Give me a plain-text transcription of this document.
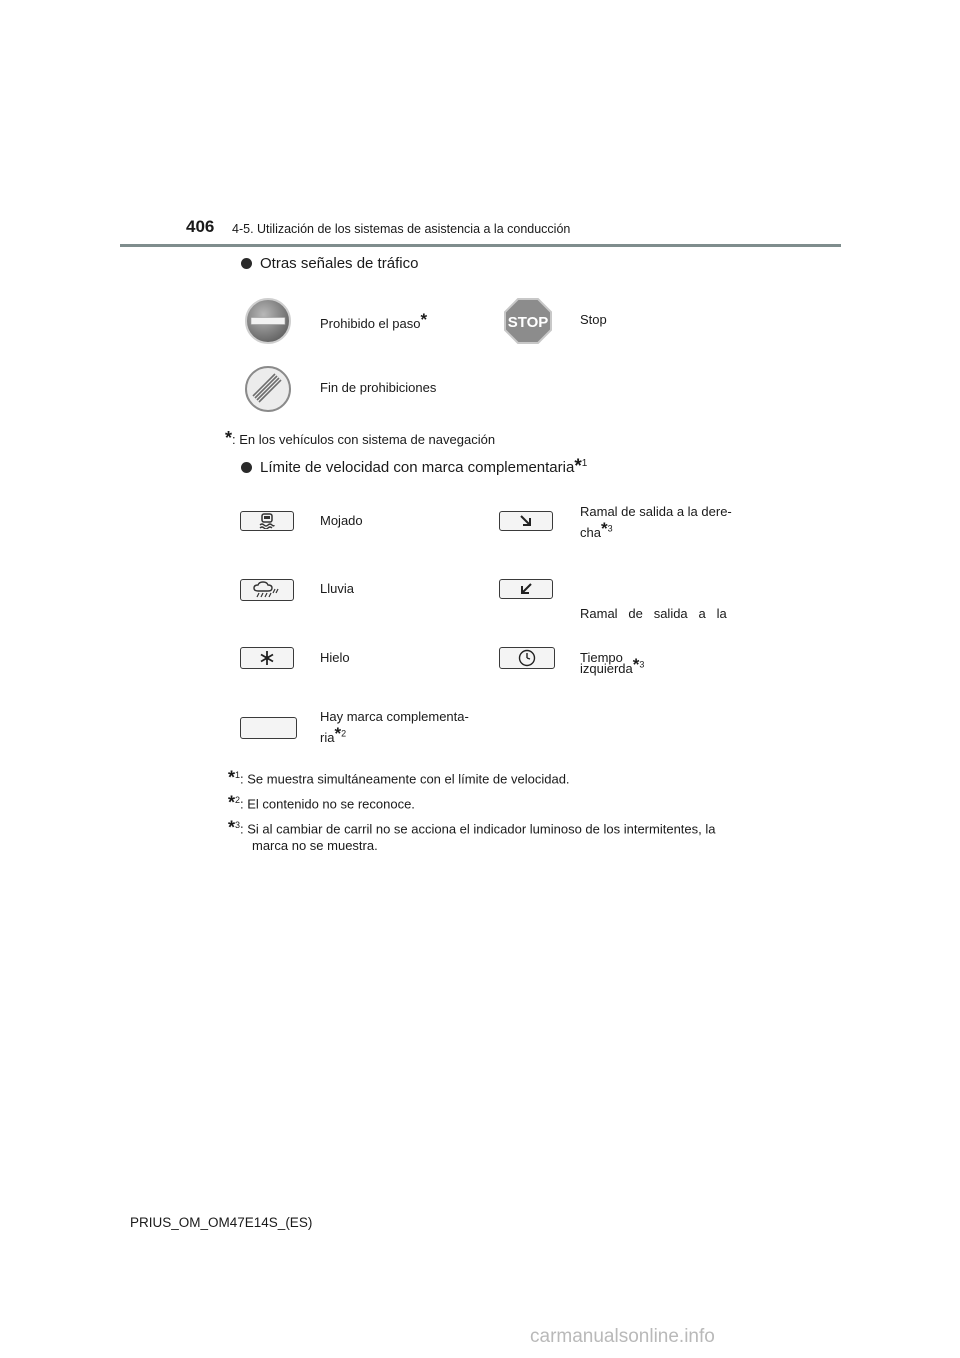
406 4-5. Utilización de los sistemas de asistencia a la conducción
Otras señales de tráfico
Prohibido el paso*	STOP Stop
Fin de prohibiciones
*: En los vehículos con sistema de navegación
Límite de velocidad con marca complementaria*$^1$
Mojado
Ramal de salida a la dere-
cha*$^3$
Lluvia

Ramal   de   salida   a   la

izquierda*$^3$

Hielo	Tiempo
Hay marca complementa-
ria*$^2$
*$^1$: Se muestra simultáneamente con el límite de velocidad.
*$^2$: El contenido no se reconoce.
*$^3$: Si al cambiar de carril no se acciona el indicador luminoso de los intermitentes, la
marca no se muestra.
PRIUS_OM_OM47E14S_(ES)
carmanualsonline.info
